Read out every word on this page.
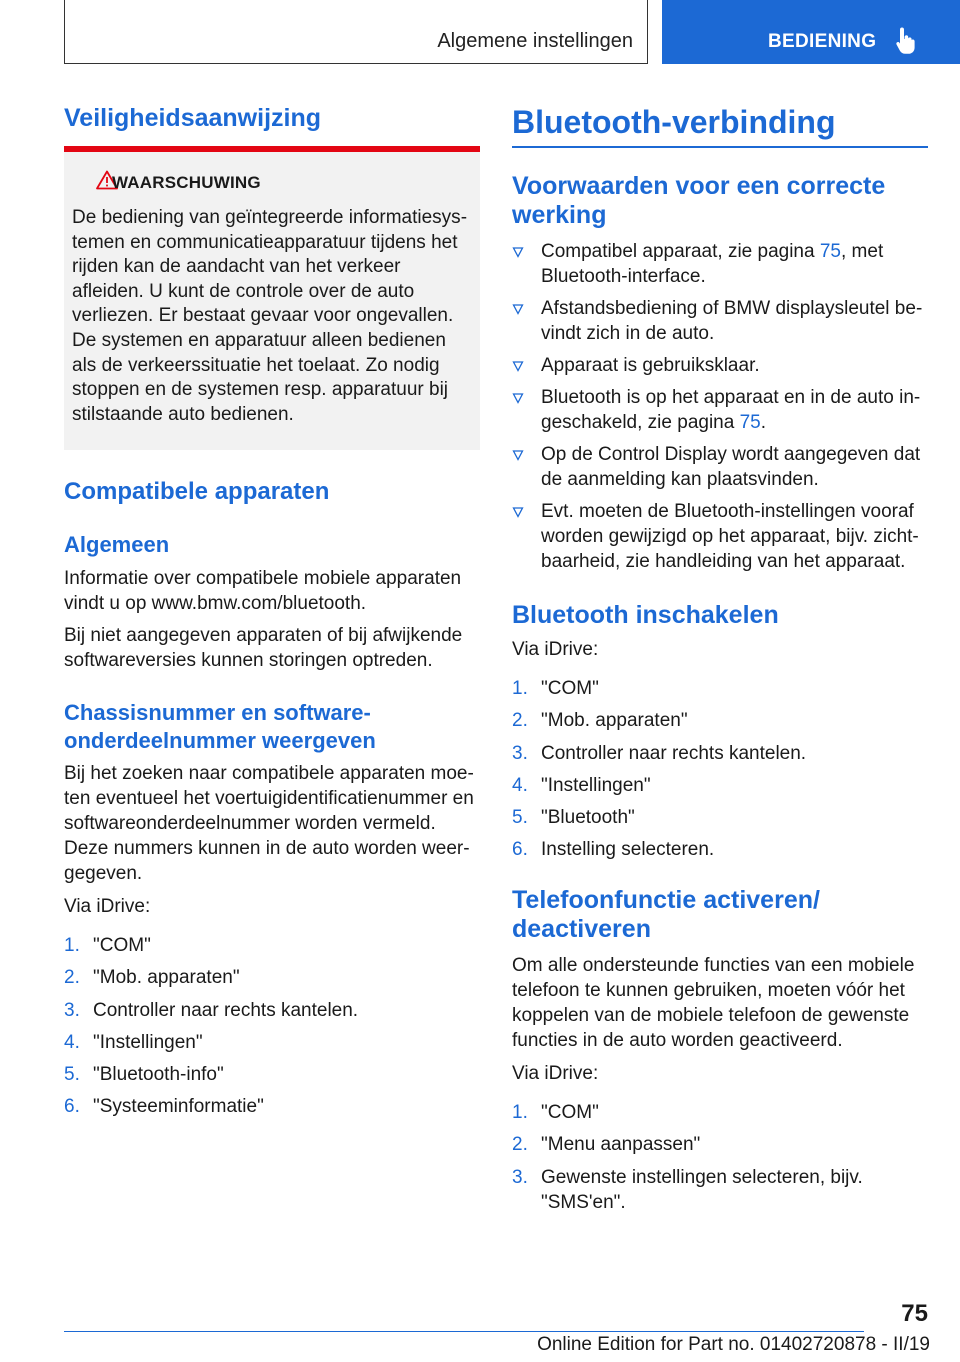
Algemene instellingen	BEDIENING
Veiligheidsaanwijzing
WAARSCHUWING

De bediening van geïntegreerde informatiesystemen en communicatieapparatuur tijdens het rijden kan de aandacht van het verkeer afleiden. U kunt de controle over de auto verliezen. Er bestaat gevaar voor ongevallen. De systemen en apparatuur alleen bedienen als de verkeerssituatie het toelaat. Zo nodig stoppen en de systemen resp. apparatuur bij stilstaande auto bedienen.

Compatibele apparaten
Algemeen

Informatie over compatibele mobiele apparaten vindt u op www.bmw.com/bluetooth.

Bij niet aangegeven apparaten of bij afwijkende softwareversies kunnen storingen optreden.

Chassisnummer en softwareonderdeelnummer weergeven

Bij het zoeken naar compatibele apparaten moeten eventueel het voertuigidentificatienummer en softwareonderdeelnummer worden vermeld. Deze nummers kunnen in de auto worden weergegeven.

Via iDrive:

1. "COM"
2. "Mob. apparaten"
3. Controller naar rechts kantelen.
4. "Instellingen"
5. "Bluetooth-info"
6. "Systeeminformatie"
Bluetooth-verbinding
Voorwaarden voor een correcte werking
Compatibel apparaat, zie pagina 75, met Bluetooth-interface.
Afstandsbediening of BMW displaysleutel bevindt zich in de auto.
Apparaat is gebruiksklaar.
Bluetooth is op het apparaat en in de auto ingeschakeld, zie pagina 75.
Op de Control Display wordt aangegeven dat de aanmelding kan plaatsvinden.
Evt. moeten de Bluetooth-instellingen vooraf worden gewijzigd op het apparaat, bijv. zichtbaarheid, zie handleiding van het apparaat.
Bluetooth inschakelen

Via iDrive:

1. "COM"
2. "Mob. apparaten"
3. Controller naar rechts kantelen.
4. "Instellingen"
5. "Bluetooth"
6. Instelling selecteren.
Telefoonfunctie activeren/ deactiveren

Om alle ondersteunde functies van een mobiele telefoon te kunnen gebruiken, moeten vóór het koppelen van de mobiele telefoon de gewenste functies in de auto worden geactiveerd.

Via iDrive:

1. "COM"
2. "Menu aanpassen"
3. Gewenste instellingen selecteren, bijv.

"SMS'en".

75
Online Edition for Part no. 01402720878 - II/19
